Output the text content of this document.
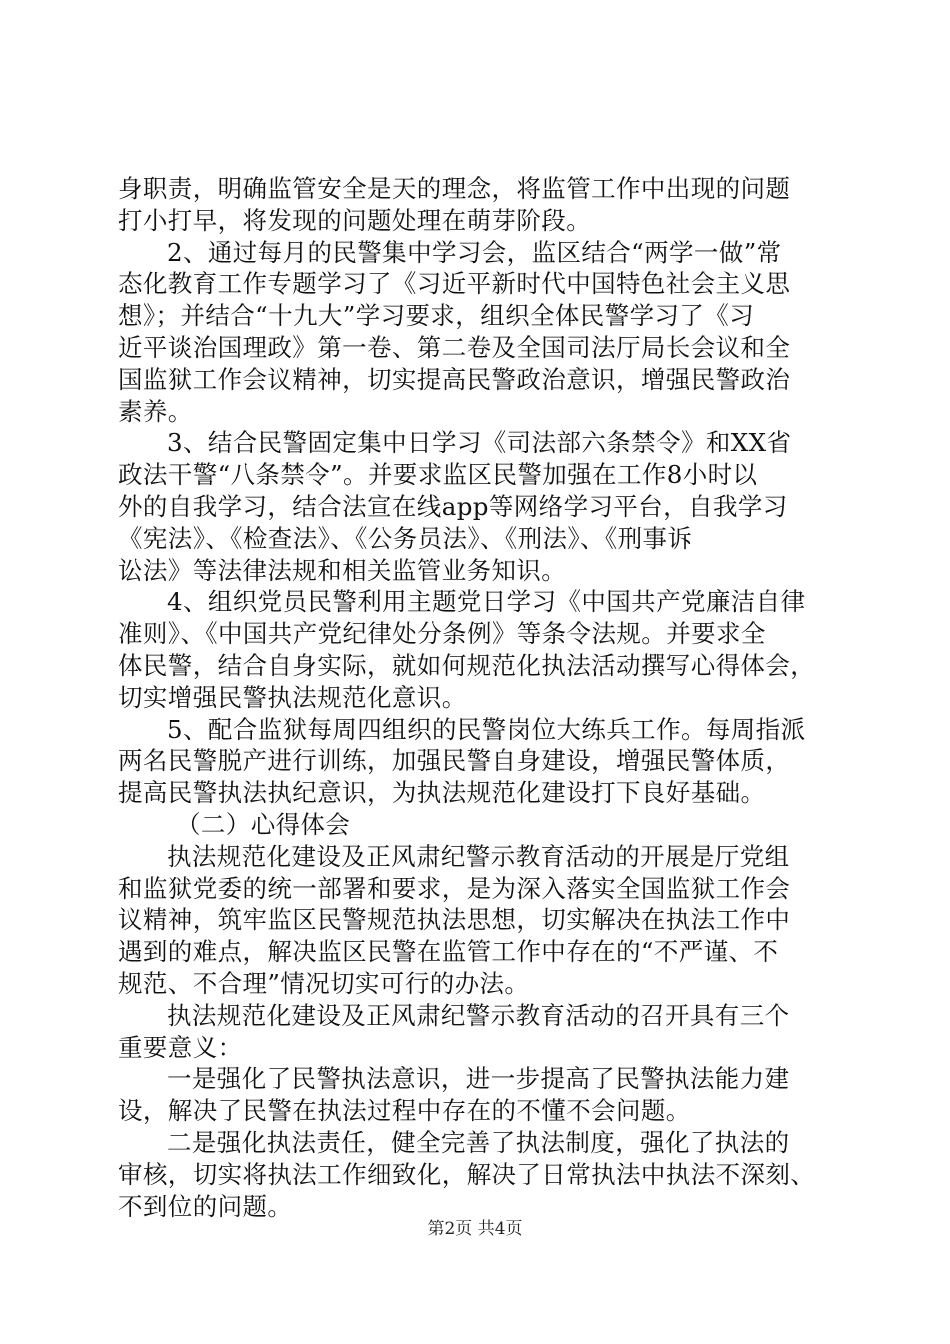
身职责，明确监管安全是天的理念，将监管工作中出现的问题
打小打早，将发现的问题处理在萌芽阶段。
2、通过每月的民警集中学习会，监区结合“两学一做”常
态化教育工作专题学习了《习近平新时代中国特色社会主义思
想》；并结合“十九大”学习要求，组织全体民警学习了《习
近平谈治国理政》第一卷、第二卷及全国司法厅局长会议和全
国监狱工作会议精神，切实提高民警政治意识，增强民警政治
素养。
3、结合民警固定集中日学习《司法部六条禁令》和XX省
政法干警“八条禁令”。并要求监区民警加强在工作8小时以
外的自我学习，结合法宣在线app等网络学习平台，自我学习
《宪法》、《检查法》、《公务员法》、《刑法》、《刑事诉
讼法》等法律法规和相关监管业务知识。
4、组织党员民警利用主题党日学习《中国共产党廉洁自律
准则》、《中国共产党纪律处分条例》等条令法规。并要求全
体民警，结合自身实际，就如何规范化执法活动撰写心得体会，
切实增强民警执法规范化意识。
5、配合监狱每周四组织的民警岗位大练兵工作。每周指派
两名民警脱产进行训练，加强民警自身建设，增强民警体质，
提高民警执法执纪意识，为执法规范化建设打下良好基础。
（二）心得体会
执法规范化建设及正风肃纪警示教育活动的开展是厅党组
和监狱党委的统一部署和要求，是为深入落实全国监狱工作会
议精神，筑牢监区民警规范执法思想，切实解决在执法工作中
遇到的难点，解决监区民警在监管工作中存在的“不严谨、不
规范、不合理”情况切实可行的办法。
执法规范化建设及正风肃纪警示教育活动的召开具有三个
重要意义：
一是强化了民警执法意识，进一步提高了民警执法能力建
设，解决了民警在执法过程中存在的不懂不会问题。
二是强化执法责任，健全完善了执法制度，强化了执法的
审核，切实将执法工作细致化，解决了日常执法中执法不深刻、
不到位的问题。
第2页 共4页
